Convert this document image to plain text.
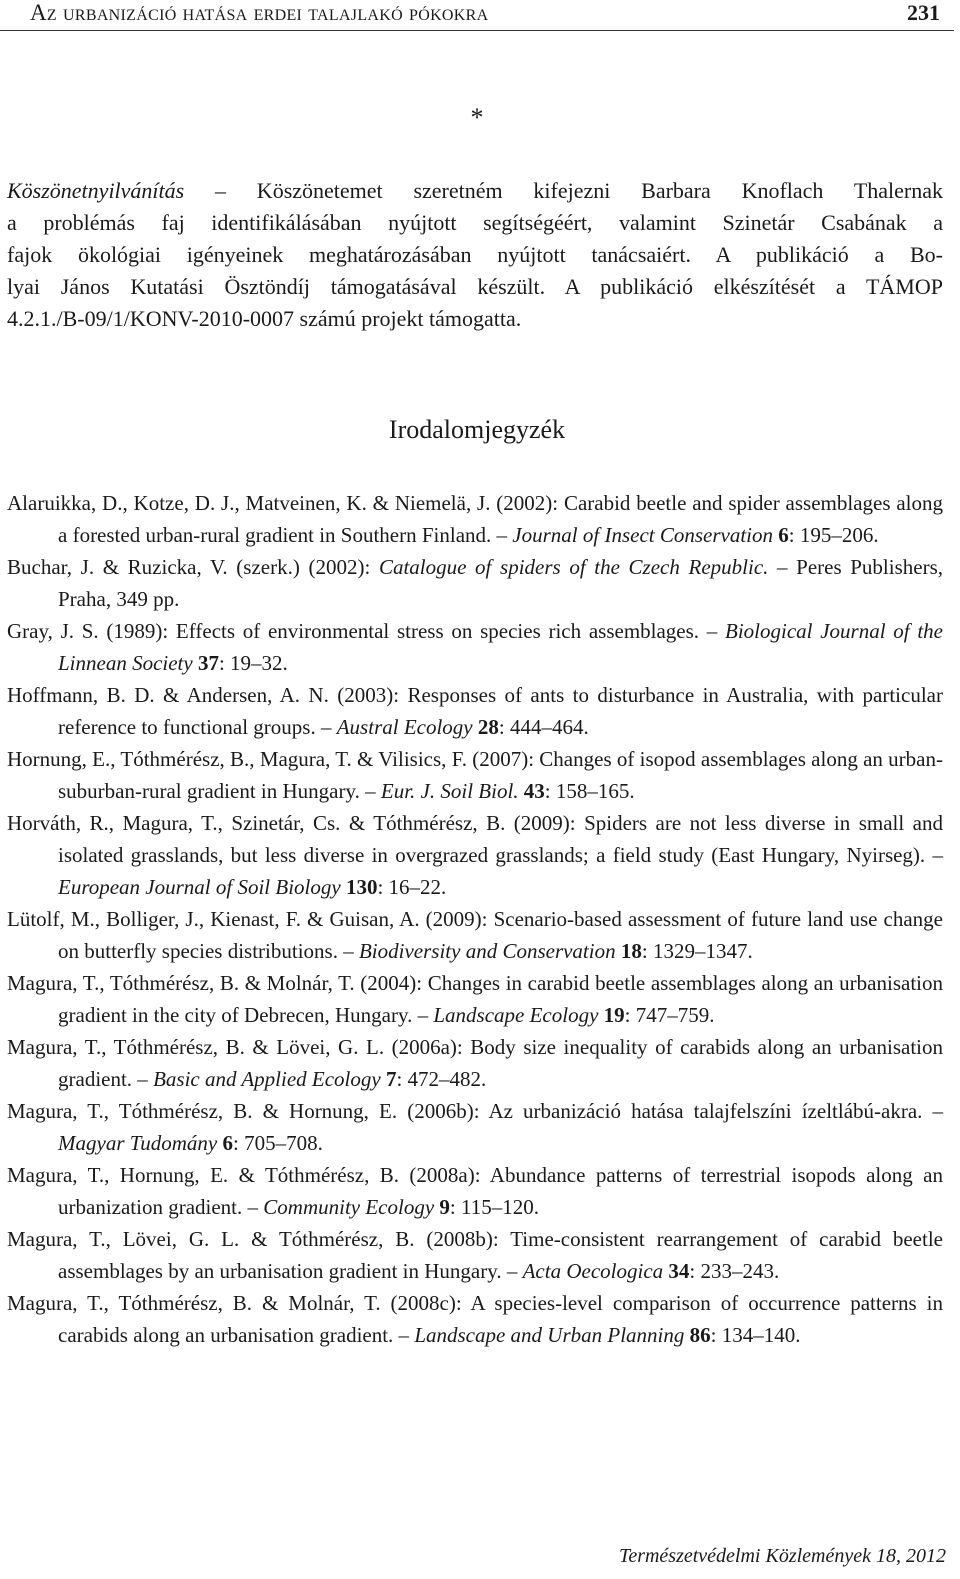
Az urbanizáció hatása erdei talajlakó pókokra	231
*
Köszönetnyilvánítás – Köszönetemet szeretném kifejezni Barbara Knoflach Thalernak
a problémás faj identifikálásában nyújtott segítségéért, valamint Szinetár Csabának a
fajok ökológiai igényeinek meghatározásában nyújtott tanácsaiért. A publikáció a Bo-
lyai János Kutatási Ösztöndíj támogatásával készült. A publikáció elkészítését a TÁMOP
4.2.1./B-09/1/KONV-2010-0007 számú projekt támogatta.
Irodalomjegyzék
Alaruikka, D., Kotze, D. J., Matveinen, K. & Niemelä, J. (2002): Carabid beetle and spider assemblages along a forested urban-rural gradient in Southern Finland. – Journal of Insect Conservation 6: 195–206.
Buchar, J. & Ruzicka, V. (szerk.) (2002): Catalogue of spiders of the Czech Republic. – Peres Publishers, Praha, 349 pp.
Gray, J. S. (1989): Effects of environmental stress on species rich assemblages. – Biological Journal of the Linnean Society 37: 19–32.
Hoffmann, B. D. & Andersen, A. N. (2003): Responses of ants to disturbance in Australia, with particular reference to functional groups. – Austral Ecology 28: 444–464.
Hornung, E., Tóthmérész, B., Magura, T. & Vilisics, F. (2007): Changes of isopod assemblages along an urban-suburban-rural gradient in Hungary. – Eur. J. Soil Biol. 43: 158–165.
Horváth, R., Magura, T., Szinetár, Cs. & Tóthmérész, B. (2009): Spiders are not less diverse in small and isolated grasslands, but less diverse in overgrazed grasslands; a field study (East Hungary, Nyirseg). – European Journal of Soil Biology 130: 16–22.
Lütolf, M., Bolliger, J., Kienast, F. & Guisan, A. (2009): Scenario-based assessment of future land use change on butterfly species distributions. – Biodiversity and Conservation 18: 1329–1347.
Magura, T., Tóthmérész, B. & Molnár, T. (2004): Changes in carabid beetle assemblages along an urbanisation gradient in the city of Debrecen, Hungary. – Landscape Ecology 19: 747–759.
Magura, T., Tóthmérész, B. & Lövei, G. L. (2006a): Body size inequality of carabids along an urbanisation gradient. – Basic and Applied Ecology 7: 472–482.
Magura, T., Tóthmérész, B. & Hornung, E. (2006b): Az urbanizáció hatása talajfelszíni ízeltlábú-akra. – Magyar Tudomány 6: 705–708.
Magura, T., Hornung, E. & Tóthmérész, B. (2008a): Abundance patterns of terrestrial isopods along an urbanization gradient. – Community Ecology 9: 115–120.
Magura, T., Lövei, G. L. & Tóthmérész, B. (2008b): Time-consistent rearrangement of carabid beetle assemblages by an urbanisation gradient in Hungary. – Acta Oecologica 34: 233–243.
Magura, T., Tóthmérész, B. & Molnár, T. (2008c): A species-level comparison of occurrence patterns in carabids along an urbanisation gradient. – Landscape and Urban Planning 86: 134–140.
Természetvédelmi Közlemények 18, 2012
